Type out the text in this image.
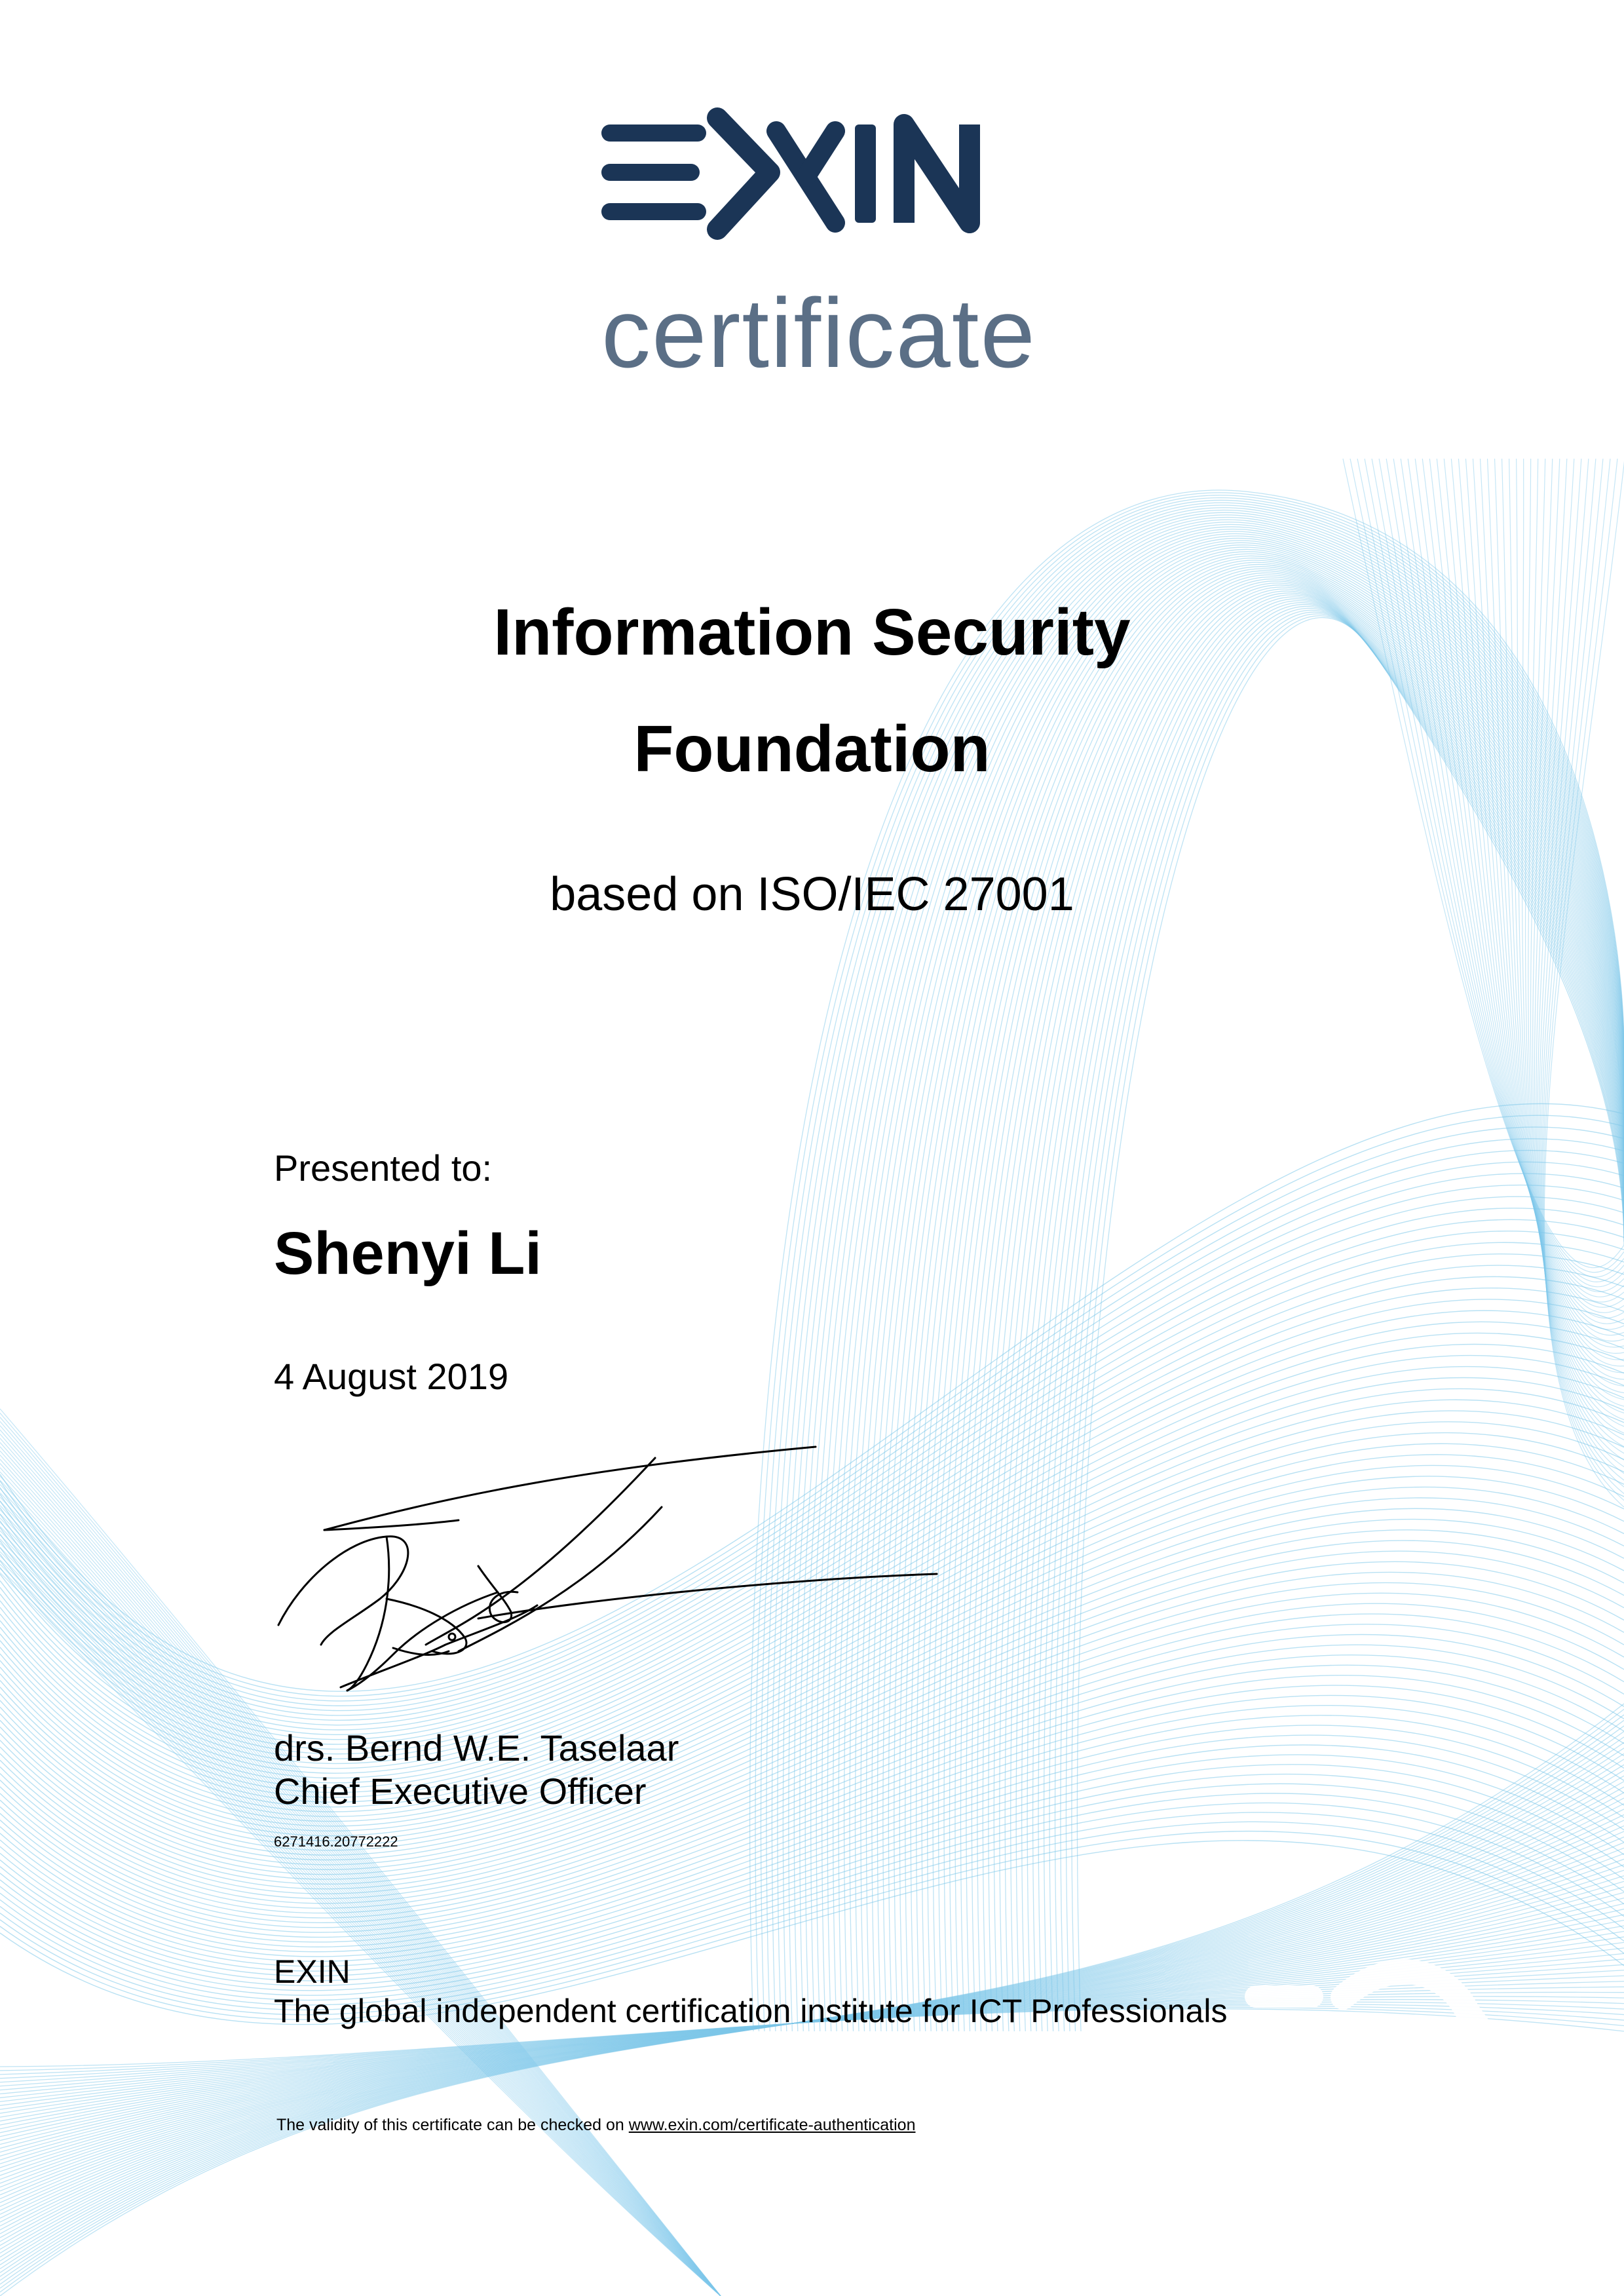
certificate
Information Security
Foundation
based on ISO/IEC 27001
Presented to:
Shenyi Li
4 August 2019
drs. Bernd W.E. Taselaar
Chief Executive Officer
6271416.20772222
EXIN
The global independent certification institute for ICT Professionals
The validity of this certificate can be checked on www.exin.com/certificate-authentication
